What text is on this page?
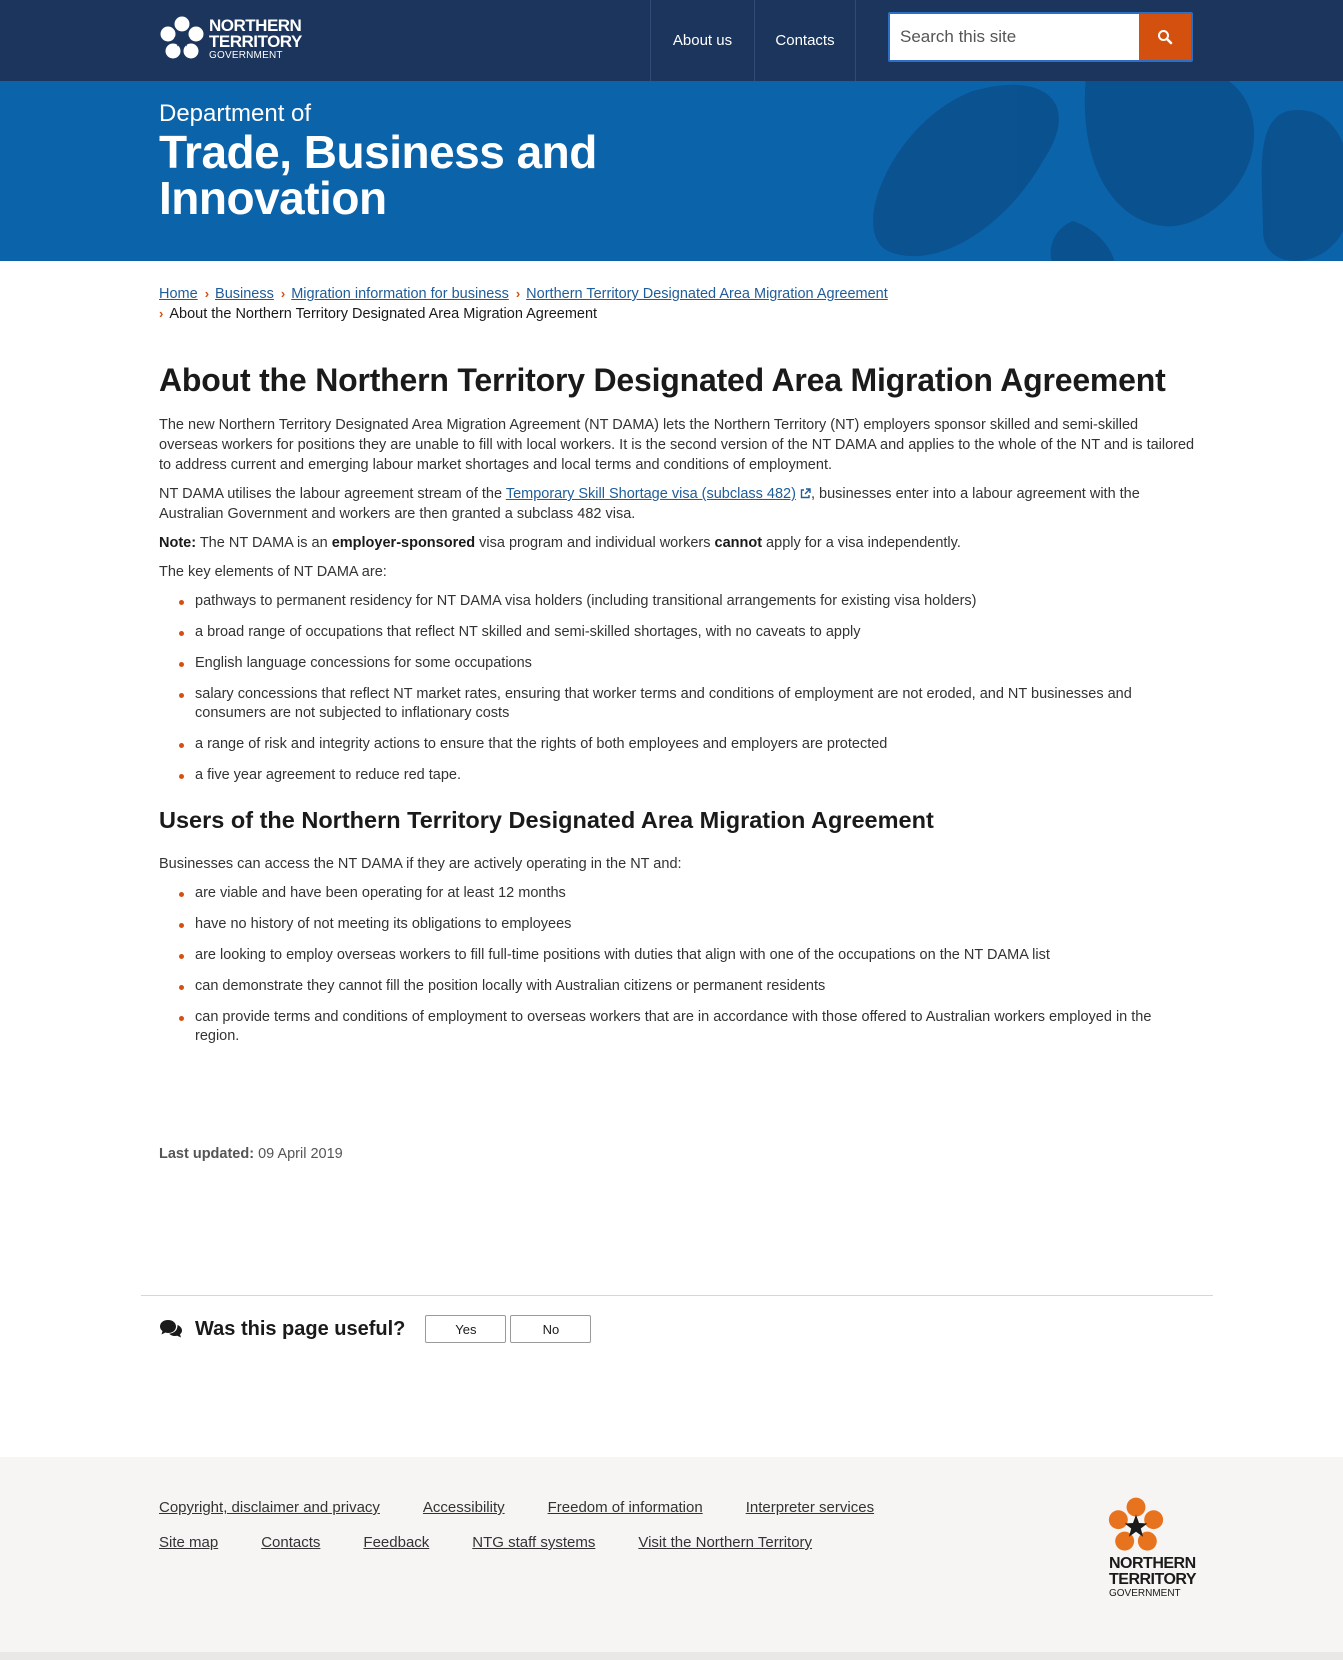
NORTHERN
TERRITORY
GOVERNMENT
About us	Contacts
Search this site
Department of
Trade, Business and Innovation
Home › Business › Migration information for business › Northern Territory Designated Area Migration Agreement
› About the Northern Territory Designated Area Migration Agreement
About the Northern Territory Designated Area Migration Agreement

The new Northern Territory Designated Area Migration Agreement (NT DAMA) lets the Northern Territory (NT) employers sponsor skilled and semi-skilled overseas workers for positions they are unable to fill with local workers. It is the second version of the NT DAMA and applies to the whole of the NT and is tailored to address current and emerging labour market shortages and local terms and conditions of employment.

NT DAMA utilises the labour agreement stream of the Temporary Skill Shortage visa (subclass 482) , businesses enter into a labour agreement with the Australian Government and workers are then granted a subclass 482 visa.

Note: The NT DAMA is an employer-sponsored visa program and individual workers cannot apply for a visa independently.

The key elements of NT DAMA are:

pathways to permanent residency for NT DAMA visa holders (including transitional arrangements for existing visa holders)
a broad range of occupations that reflect NT skilled and semi-skilled shortages, with no caveats to apply
English language concessions for some occupations
salary concessions that reflect NT market rates, ensuring that worker terms and conditions of employment are not eroded, and NT businesses and consumers are not subjected to inflationary costs
a range of risk and integrity actions to ensure that the rights of both employees and employers are protected
a five year agreement to reduce red tape.
Users of the Northern Territory Designated Area Migration Agreement

Businesses can access the NT DAMA if they are actively operating in the NT and:

are viable and have been operating for at least 12 months
have no history of not meeting its obligations to employees
are looking to employ overseas workers to fill full-time positions with duties that align with one of the occupations on the NT DAMA list
can demonstrate they cannot fill the position locally with Australian citizens or permanent residents
can provide terms and conditions of employment to overseas workers that are in accordance with those offered to Australian workers employed in the region.
Last updated: 09 April 2019
Was this page useful?	Yes	No
Copyright, disclaimer and privacy	Accessibility	Freedom of information	Interpreter services
Site map	Contacts	Feedback	NTG staff systems	Visit the Northern Territory
NORTHERN
TERRITORY
GOVERNMENT
